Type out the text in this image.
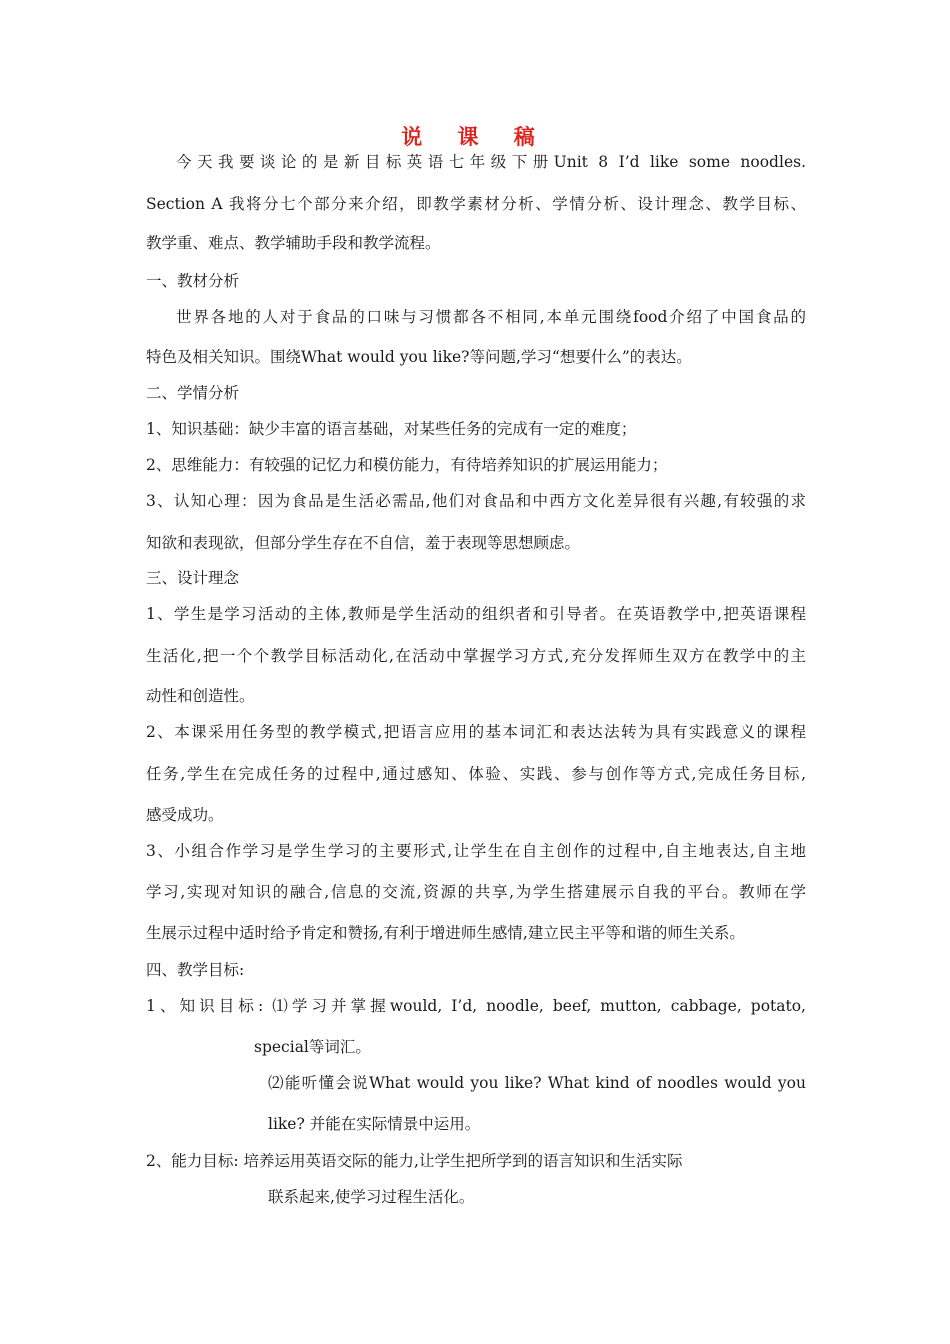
说 课 稿
今天我要谈论的是新目标英语七年级下册Unit 8 I’d like some noodles.
Section A 我将分七个部分来介绍，即教学素材分析、学情分析、设计理念、教学目标、
教学重、难点、教学辅助手段和教学流程。
一、教材分析
世界各地的人对于食品的口味与习惯都各不相同,本单元围绕food介绍了中国食品的
特色及相关知识。围绕What would you like?等问题,学习“想要什么”的表达。
二、学情分析
1、知识基础：缺少丰富的语言基础，对某些任务的完成有一定的难度；
2、思维能力：有较强的记忆力和模仿能力，有待培养知识的扩展运用能力；
3、认知心理：因为食品是生活必需品,他们对食品和中西方文化差异很有兴趣,有较强的求
知欲和表现欲，但部分学生存在不自信，羞于表现等思想顾虑。
三、设计理念
1、学生是学习活动的主体,教师是学生活动的组织者和引导者。在英语教学中,把英语课程
生活化,把一个个教学目标活动化,在活动中掌握学习方式,充分发挥师生双方在教学中的主
动性和创造性。
2、本课采用任务型的教学模式,把语言应用的基本词汇和表达法转为具有实践意义的课程
任务,学生在完成任务的过程中,通过感知、体验、实践、参与创作等方式,完成任务目标,
感受成功。
3、小组合作学习是学生学习的主要形式,让学生在自主创作的过程中,自主地表达,自主地
学习,实现对知识的融合,信息的交流,资源的共享,为学生搭建展示自我的平台。教师在学
生展示过程中适时给予肯定和赞扬,有利于增进师生感情,建立民主平等和谐的师生关系。
四、教学目标:
1、知识目标: ⑴学习并掌握would, I’d, noodle, beef, mutton, cabbage, potato,
special等词汇。
⑵能听懂会说What would you like? What kind of noodles would you
like? 并能在实际情景中运用。
2、能力目标: 培养运用英语交际的能力,让学生把所学到的语言知识和生活实际
联系起来,使学习过程生活化。
